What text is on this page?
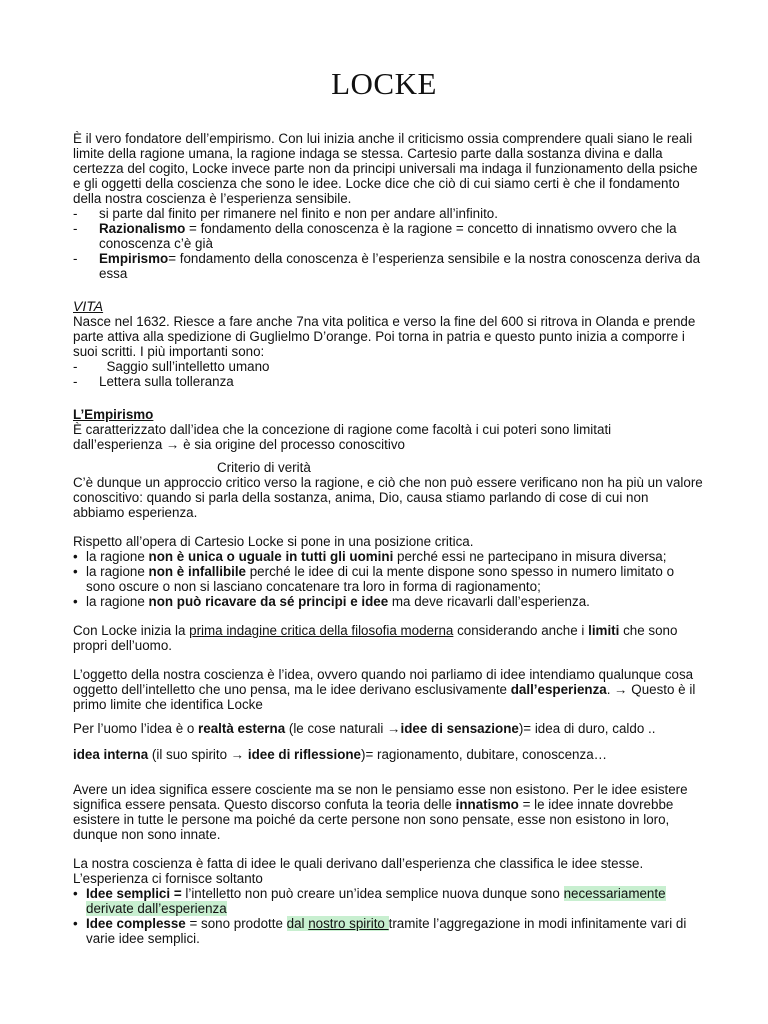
LOCKE

È il vero fondatore dell’empirismo. Con lui inizia anche il criticismo ossia comprendere quali siano le reali limite della ragione umana, la ragione indaga se stessa. Cartesio parte dalla sostanza divina e dalla certezza del cogito, Locke invece parte non da principi universali ma indaga il funzionamento della psiche e gli oggetti della coscienza che sono le idee. Locke dice che ciò di cui siamo certi è che il fondamento della nostra coscienza è l’esperienza sensibile.

-	si parte dal finito per rimanere nel finito e non per andare all’infinito.
-	Razionalismo = fondamento della conoscenza è la ragione = concetto di innatismo ovvero che la conoscenza c’è già
-	Empirismo= fondamento della conoscenza è l’esperienza sensibile e la nostra conoscenza deriva da essa

VITA

Nasce nel 1632. Riesce a fare anche 7na vita politica e verso la fine del 600 si ritrova in Olanda e prende parte attiva alla spedizione di Guglielmo D’orange. Poi torna in patria e questo punto inizia a comporre i suoi scritti. I più importanti sono:

-	Saggio sull’intelletto umano
-	Lettera sulla tolleranza

L’Empirismo

È caratterizzato dall’idea che la concezione di ragione come facoltà i cui poteri sono limitati dall’esperienza → è sia origine del processo conoscitivo

Criterio di verità

C’è dunque un approccio critico verso la ragione, e ciò che non può essere verificano non ha più un valore conoscitivo: quando si parla della sostanza, anima, Dio, causa stiamo parlando di cose di cui non abbiamo esperienza.

Rispetto all’opera di Cartesio Locke si pone in una posizione critica.

• la ragione non è unica o uguale in tutti gli uomini perché essi ne partecipano in misura diversa;
• la ragione non è infallibile perché le idee di cui la mente dispone sono spesso in numero limitato o sono oscure o non si lasciano concatenare tra loro in forma di ragionamento;
• la ragione non può ricavare da sé principi e idee ma deve ricavarli dall’esperienza.

Con Locke inizia la prima indagine critica della filosofia moderna considerando anche i limiti che sono propri dell’uomo.

L’oggetto della nostra coscienza è l’idea, ovvero quando noi parliamo di idee intendiamo qualunque cosa oggetto dell’intelletto che uno pensa, ma le idee derivano esclusivamente dall’esperienza. → Questo è il primo limite che identifica Locke

Per l’uomo l’idea è o realtà esterna (le cose naturali →idee di sensazione)= idea di duro, caldo ..

idea interna (il suo spirito → idee di riflessione)= ragionamento, dubitare, conoscenza…

Avere un idea significa essere cosciente ma se non le pensiamo esse non esistono. Per le idee esistere significa essere pensata. Questo discorso confuta la teoria delle innatismo = le idee innate dovrebbe esistere in tutte le persone ma poiché da certe persone non sono pensate, esse non esistono in loro, dunque non sono innate.

La nostra coscienza è fatta di idee le quali derivano dall’esperienza che classifica le idee stesse.

L’esperienza ci fornisce soltanto

• Idee semplici = l’intelletto non può creare un’idea semplice nuova dunque sono necessariamente derivate dall’esperienza
• Idee complesse = sono prodotte dal nostro spirito tramite l’aggregazione in modi infinitamente vari di varie idee semplici.
